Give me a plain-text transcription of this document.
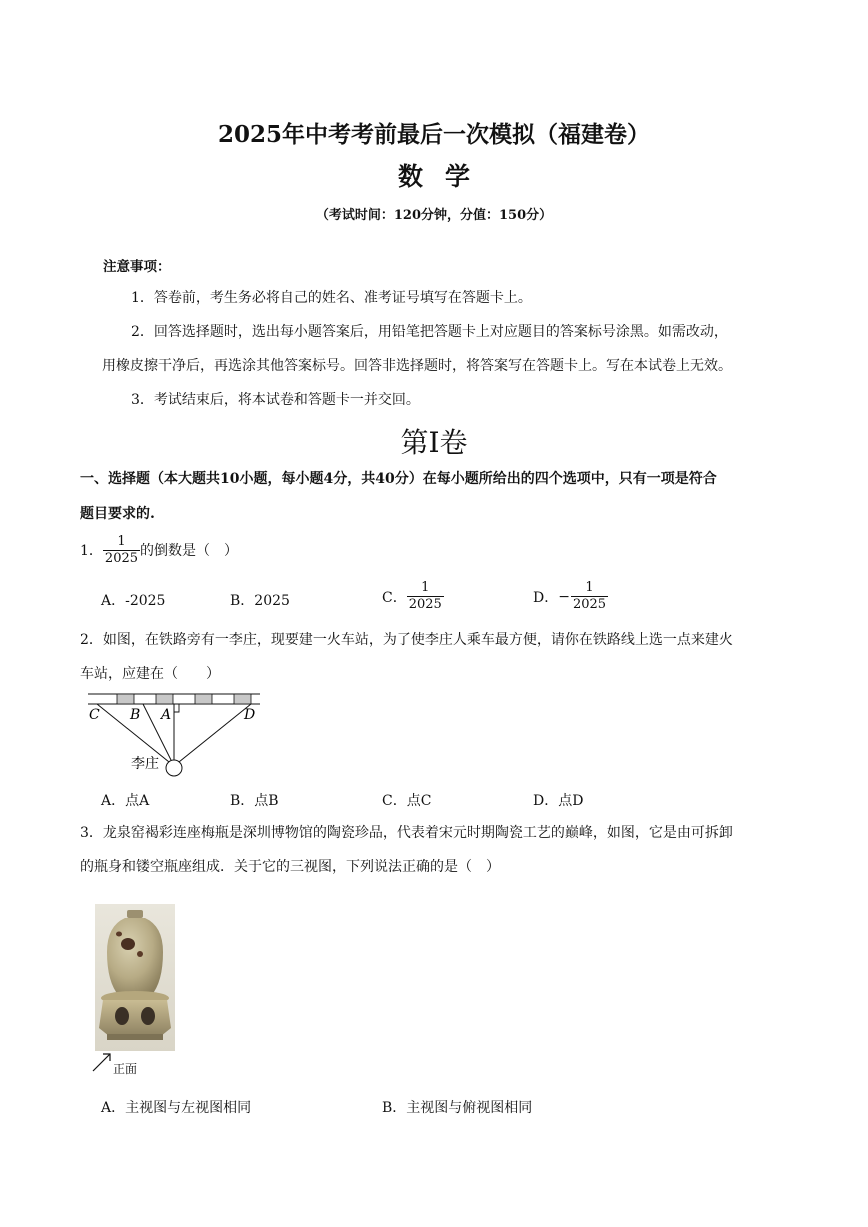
2025年中考考前最后一次模拟（福建卷）
数学
（考试时间：120分钟，分值：150分）
注意事项：
1．答卷前，考生务必将自己的姓名、准考证号填写在答题卡上。
2．回答选择题时，选出每小题答案后，用铅笔把答题卡上对应题目的答案标号涂黑。如需改动，
用橡皮擦干净后，再选涂其他答案标号。回答非选择题时，将答案写在答题卡上。写在本试卷上无效。
3．考试结束后，将本试卷和答题卡一并交回。
第Ⅰ卷
一、选择题（本大题共10小题，每小题4分，共40分）在每小题所给出的四个选项中，只有一项是符合
题目要求的.
1． $\frac{1}{2025}$ 的倒数是（　）
A．-2025	B．2025	C． $\frac{1}{2025}$	D． − $\frac{1}{2025}$
2．如图，在铁路旁有一李庄，现要建一火车站，为了使李庄人乘车最方便，请你在铁路线上选一点来建火
车站，应建在（　　）
C B A	D
李庄
A．点A	B．点B	C．点C	D．点D
3．龙泉窑褐彩连座梅瓶是深圳博物馆的陶瓷珍品，代表着宋元时期陶瓷工艺的巅峰，如图，它是由可拆卸
的瓶身和镂空瓶座组成．关于它的三视图，下列说法正确的是（　）
正面
A．主视图与左视图相同	B．主视图与俯视图相同
